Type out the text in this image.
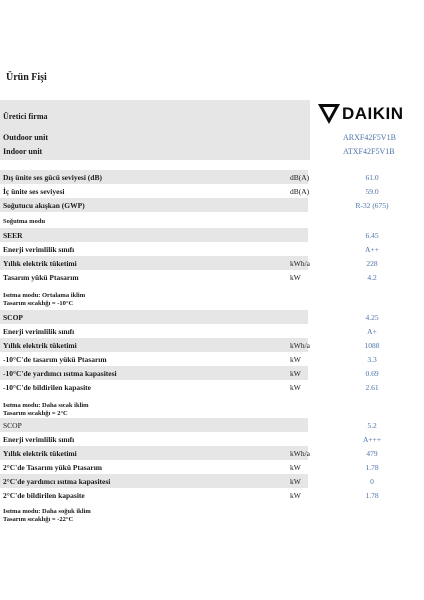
Ürün Fişi
Üretici firma
Outdoor unit	ARXF42F5V1B
Indoor unit	ATXF42F5V1B
DAIKIN
Dış ünite ses gücü seviyesi (dB)	dB(A)	61.0
İç ünite ses seviyesi	dB(A)	59.0
Soğutucu akışkan (GWP)	R-32 (675)
Soğutma modu
SEER	6.45
Enerji verimlilik sınıfı	A++
Yıllık elektrik tüketimi	kWh/a	228
Tasarım yükü Ptasarım	kW	4.2
Isıtma modu: Ortalama iklim
Tasarım sıcaklığı = -10°C
SCOP	4.25
Enerji verimlilik sınıfı	A+
Yıllık elektrik tüketimi	kWh/a	1088
-10°C'de tasarım yükü Ptasarım	kW	3.3
-10°C'de yardımcı ısıtma kapasitesi	kW	0.69
-10°C'de bildirilen kapasite	kW	2.61
Isıtma modu: Daha sıcak iklim
Tasarım sıcaklığı = 2°C
SCOP	5.2
Enerji verimlilik sınıfı	A+++
Yıllık elektrik tüketimi	kWh/a	479
2°C'de Tasarım yükü Ptasarım	kW	1.78
2°C'de yardımcı ısıtma kapasitesi	kW	0
2°C'de bildirilen kapasite	kW	1.78
Isıtma modu: Daha soğuk iklim
Tasarım sıcaklığı = -22°C
